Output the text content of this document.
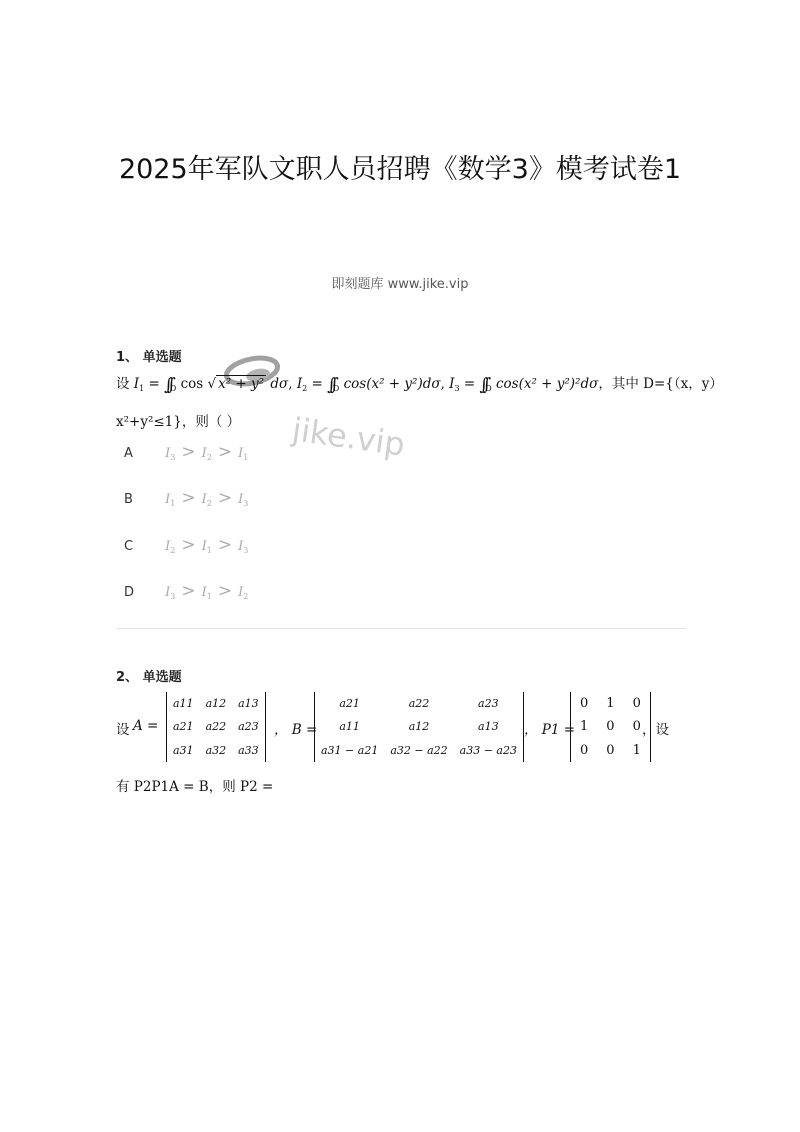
2025年军队文职人员招聘《数学3》模考试卷1
即刻题库 www.jike.vip
jike.vip
1、 单选题
设 $I_1 = \int\int_D$ cos √ x² + y² dσ, $I_2 = \int\int_D$ cos(x² + y²)dσ, $I_3 = \int\int_D$ cos(x² + y²)²dσ，其中 D={（x，y）
x²+y²≤1}，则（ ）
A $I_3 > I_2 > I_1$
B $I_1 > I_2 > I_3$
C $I_2 > I_1 > I_3$
D $I_3 > I_1 > I_2$
2、 单选题
设 A =
a11	a12	a13
a21	a22	a23
a31	a32	a33
， B =
a21	a22	a23
a11	a12	a13
a31 − a21	a32 − a22	a33 − a23
， P1 =
0	1	0
1	0	0
0	0	1
，设
有 P2P1A = B，则 P2 =
